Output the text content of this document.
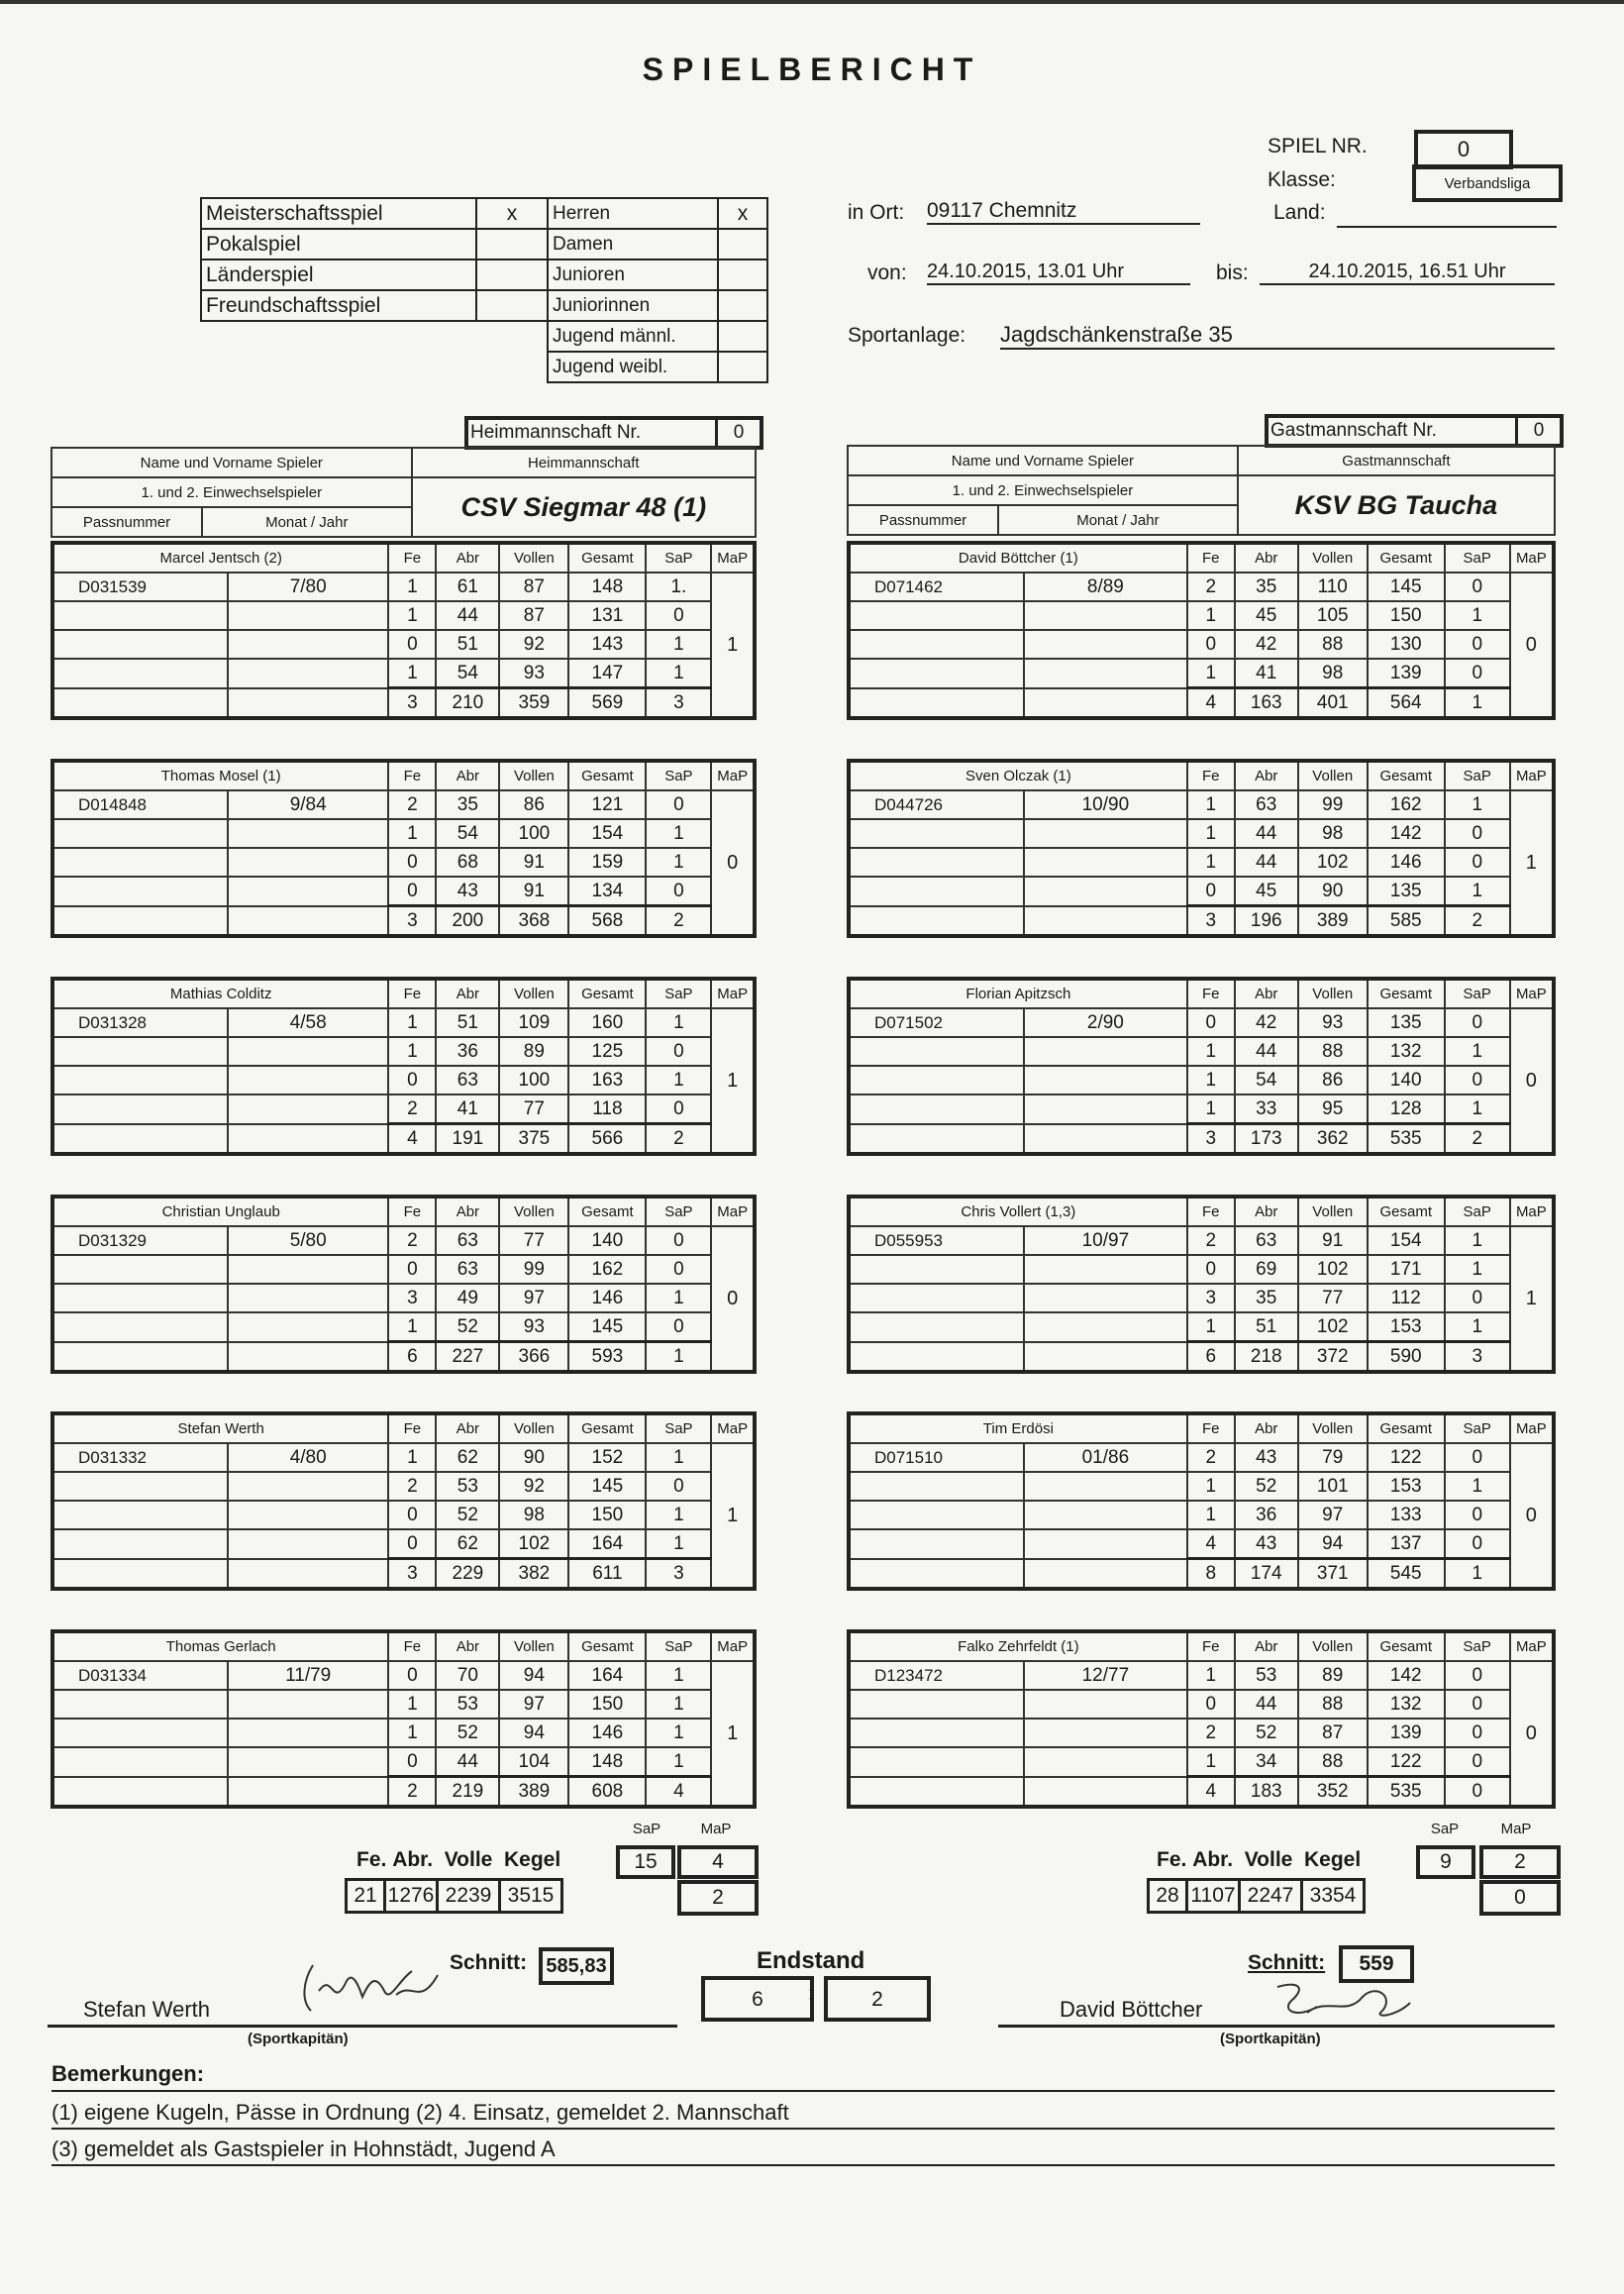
SPIELBERICHT
SPIEL NR.	0
Klasse:	Verbandsliga
Land:
Meisterschaftsspiel	x	Herren	x
Pokalspiel		Damen	
Länderspiel		Junioren	
Freundschaftsspiel		Juniorinnen	
		Jugend männl.	
		Jugend weibl.	
in Ort: 09117 Chemnitz
von: 24.10.2015, 13.01 Uhr	bis:	24.10.2015, 16.51 Uhr
Sportanlage: Jagdschänkenstraße 35
Heimmannschaft Nr.	0	Gastmannschaft Nr.	0
Name und Vorname Spieler		Heimmannschaft
1. und 2. Einwechselspieler		CSV Siegmar 48 (1)
Passnummer	Monat / Jahr	
Name und Vorname Spieler		Gastmannschaft
1. und 2. Einwechselspieler		KSV BG Taucha
Passnummer	Monat / Jahr	
Marcel Jentsch (2)		Fe	Abr	Vollen	Gesamt	SaP	MaP
D031539	7/80	1	61	87	148	1.	1
		1	44	87	131	0	
		0	51	92	143	1	
		1	54	93	147	1	
		3	210	359	569	3	
Thomas Mosel (1)		Fe	Abr	Vollen	Gesamt	SaP	MaP
D014848	9/84	2	35	86	121	0	0
		1	54	100	154	1	
		0	68	91	159	1	
		0	43	91	134	0	
		3	200	368	568	2	
Mathias Colditz		Fe	Abr	Vollen	Gesamt	SaP	MaP
D031328	4/58	1	51	109	160	1	1
		1	36	89	125	0	
		0	63	100	163	1	
		2	41	77	118	0	
		4	191	375	566	2	
Christian Unglaub		Fe	Abr	Vollen	Gesamt	SaP	MaP
D031329	5/80	2	63	77	140	0	0
		0	63	99	162	0	
		3	49	97	146	1	
		1	52	93	145	0	
		6	227	366	593	1	
Stefan Werth		Fe	Abr	Vollen	Gesamt	SaP	MaP
D031332	4/80	1	62	90	152	1	1
		2	53	92	145	0	
		0	52	98	150	1	
		0	62	102	164	1	
		3	229	382	611	3	
Thomas Gerlach		Fe	Abr	Vollen	Gesamt	SaP	MaP
D031334	11/79	0	70	94	164	1	1
		1	53	97	150	1	
		1	52	94	146	1	
		0	44	104	148	1	
		2	219	389	608	4	
David Böttcher (1)		Fe	Abr	Vollen	Gesamt	SaP	MaP
D071462	8/89	2	35	110	145	0	0
		1	45	105	150	1	
		0	42	88	130	0	
		1	41	98	139	0	
		4	163	401	564	1	
Sven Olczak (1)		Fe	Abr	Vollen	Gesamt	SaP	MaP
D044726	10/90	1	63	99	162	1	1
		1	44	98	142	0	
		1	44	102	146	0	
		0	45	90	135	1	
		3	196	389	585	2	
Florian Apitzsch		Fe	Abr	Vollen	Gesamt	SaP	MaP
D071502	2/90	0	42	93	135	0	0
		1	44	88	132	1	
		1	54	86	140	0	
		1	33	95	128	1	
		3	173	362	535	2	
Chris Vollert (1,3)		Fe	Abr	Vollen	Gesamt	SaP	MaP
D055953	10/97	2	63	91	154	1	1
		0	69	102	171	1	
		3	35	77	112	0	
		1	51	102	153	1	
		6	218	372	590	3	
Tim Erdösi		Fe	Abr	Vollen	Gesamt	SaP	MaP
D071510	01/86	2	43	79	122	0	0
		1	52	101	153	1	
		1	36	97	133	0	
		4	43	94	137	0	
		8	174	371	545	1	
Falko Zehrfeldt (1)		Fe	Abr	Vollen	Gesamt	SaP	MaP
D123472	12/77	1	53	89	142	0	0
		0	44	88	132	0	
		2	52	87	139	0	
		1	34	88	122	0	
		4	183	352	535	0	
SaP	MaP
Fe. Abr. Volle Kegel	15	4
21	1276	2239	3515	2
SaP	MaP
Fe. Abr. Volle Kegel	9	2
28	1107	2247	3354	0
Schnitt: 585,83	Schnitt:	559
Endstand
6	:	2
Stefan Werth
(Sportkapitän)
David Böttcher
(Sportkapitän)
Bemerkungen:
(1) eigene Kugeln, Pässe in Ordnung (2) 4. Einsatz, gemeldet 2. Mannschaft
(3) gemeldet als Gastspieler in Hohnstädt, Jugend A
